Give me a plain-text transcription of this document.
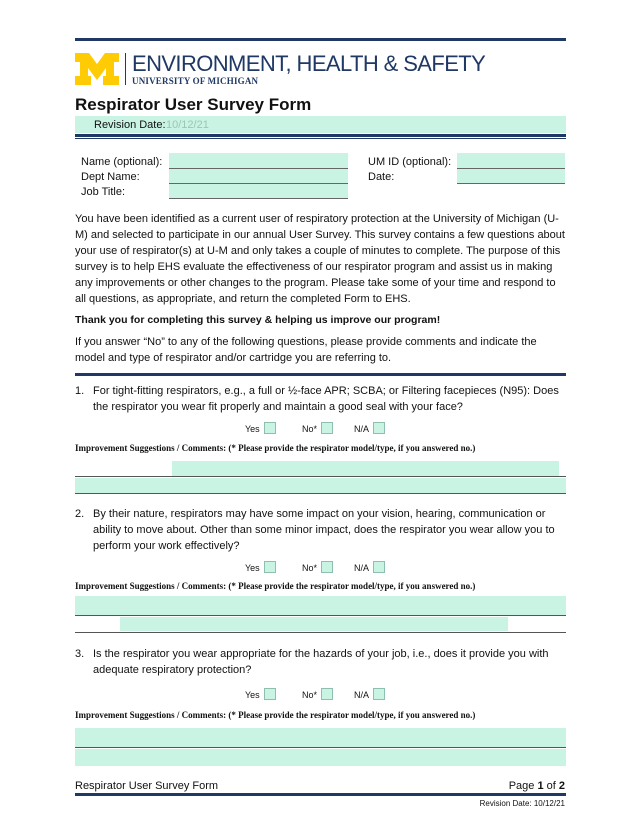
ENVIRONMENT, HEALTH & SAFETY
UNIVERSITY OF MICHIGAN
Respirator User Survey Form
Revision Date: 10/12/21
Name (optional):
Dept Name:
Job Title:
UM ID (optional):
Date:
You have been identified as a current user of respiratory protection at the University of Michigan (U-M) and selected to participate in our annual User Survey. This survey contains a few questions about your use of respirator(s) at U-M and only takes a couple of minutes to complete. The purpose of this survey is to help EHS evaluate the effectiveness of our respirator program and assist us in making any improvements or other changes to the program. Please take some of your time and respond to all questions, as appropriate, and return the completed Form to EHS.
Thank you for completing this survey & helping us improve our program!
If you answer “No” to any of the following questions, please provide comments and indicate the model and type of respirator and/or cartridge you are referring to.
1. For tight-fitting respirators, e.g., a full or ½-face APR; SCBA; or Filtering facepieces (N95): Does the respirator you wear fit properly and maintain a good seal with your face?
Yes	No*	N/A
Improvement Suggestions / Comments: (* Please provide the respirator model/type, if you answered no.)
2. By their nature, respirators may have some impact on your vision, hearing, communication or ability to move about. Other than some minor impact, does the respirator you wear allow you to perform your work effectively?
Yes	No*	N/A
Improvement Suggestions / Comments: (* Please provide the respirator model/type, if you answered no.)
3. Is the respirator you wear appropriate for the hazards of your job, i.e., does it provide you with adequate respiratory protection?
Yes	No*	N/A
Improvement Suggestions / Comments: (* Please provide the respirator model/type, if you answered no.)
Respirator User Survey Form	Page 1 of 2
Revision Date: 10/12/21
